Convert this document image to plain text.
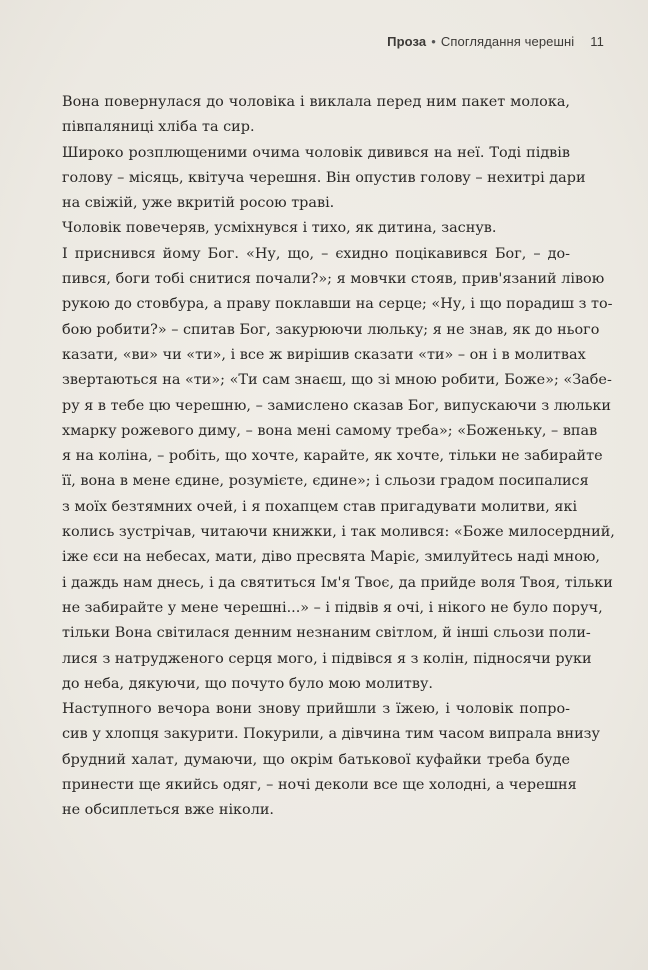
Проза • Споглядання черешні 11
Вона повернулася до чоловіка і виклала перед ним пакет молока,
півпаляниці хліба та сир.
Широко розплющеними очима чоловік дивився на неї. Тоді підвів
голову – місяць, квітуча черешня. Він опустив голову – нехитрі дари
на свіжій, уже вкритій росою траві.
Чоловік повечеряв, усміхнувся і тихо, як дитина, заснув.
І приснився йому Бог. «Ну, що, – єхидно поцікавився Бог, – до-
пився, боги тобі снитися почали?»; я мовчки стояв, прив'язаний лівою
рукою до стовбура, а праву поклавши на серце; «Ну, і що порадиш з то-
бою робити?» – спитав Бог, закурюючи люльку; я не знав, як до нього
казати, «ви» чи «ти», і все ж вирішив сказати «ти» – он і в молитвах
звертаються на «ти»; «Ти сам знаєш, що зі мною робити, Боже»; «Забе-
ру я в тебе цю черешню, – замислено сказав Бог, випускаючи з люльки
хмарку рожевого диму, – вона мені самому треба»; «Боженьку, – впав
я на коліна, – робіть, що хочте, карайте, як хочте, тільки не забирайте
її, вона в мене єдине, розумієте, єдине»; і сльози градом посипалися
з моїх безтямних очей, і я похапцем став пригадувати молитви, які
колись зустрічав, читаючи книжки, і так молився: «Боже милосердний,
іже єси на небесах, мати, діво пресвята Маріє, змилуйтесь наді мною,
і даждь нам днесь, і да святиться Ім'я Твоє, да прийде воля Твоя, тільки
не забирайте у мене черешні...» – і підвів я очі, і нікого не було поруч,
тільки Вона світилася денним незнаним світлом, й інші сльози поли-
лися з натрудженого серця мого, і підвівся я з колін, підносячи руки
до неба, дякуючи, що почуто було мою молитву.
Наступного вечора вони знову прийшли з їжею, і чоловік попро-
сив у хлопця закурити. Покурили, а дівчина тим часом випрала внизу
брудний халат, думаючи, що окрім батькової куфайки треба буде
принести ще якийсь одяг, – ночі деколи все ще холодні, а черешня
не обсиплеться вже ніколи.
